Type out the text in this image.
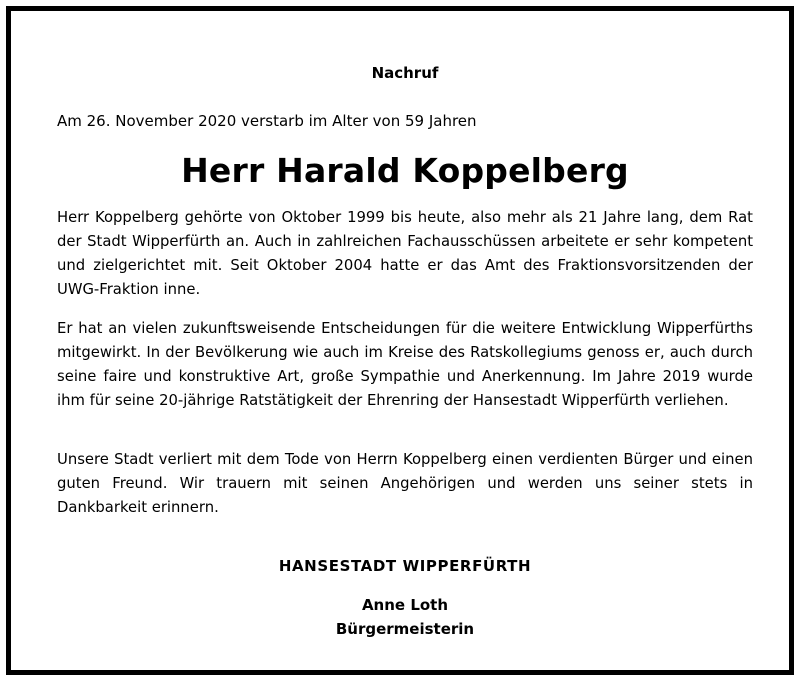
Nachruf
Am 26. November 2020 verstarb im Alter von 59 Jahren
Herr Harald Koppelberg

Herr Koppelberg gehörte von Oktober 1999 bis heute, also mehr als 21 Jahre lang, dem Rat der Stadt Wipperfürth an. Auch in zahlreichen Fachausschüssen arbeitete er sehr kompetent und zielgerichtet mit. Seit Oktober 2004 hatte er das Amt des Fraktionsvorsitzenden der UWG-Fraktion inne.

Er hat an vielen zukunftsweisende Entscheidungen für die weitere Entwicklung Wipperfürths mitgewirkt. In der Bevölkerung wie auch im Kreise des Ratskollegiums genoss er, auch durch seine faire und konstruktive Art, große Sympathie und Anerkennung. Im Jahre 2019 wurde ihm für seine 20-jährige Ratstätigkeit der Ehrenring der Hansestadt Wipperfürth verliehen.

Unsere Stadt verliert mit dem Tode von Herrn Koppelberg einen verdienten Bürger und einen guten Freund. Wir trauern mit seinen Angehörigen und werden uns seiner stets in Dankbarkeit erinnern.

HANSESTADT WIPPERFÜRTH
Anne Loth
Bürgermeisterin
